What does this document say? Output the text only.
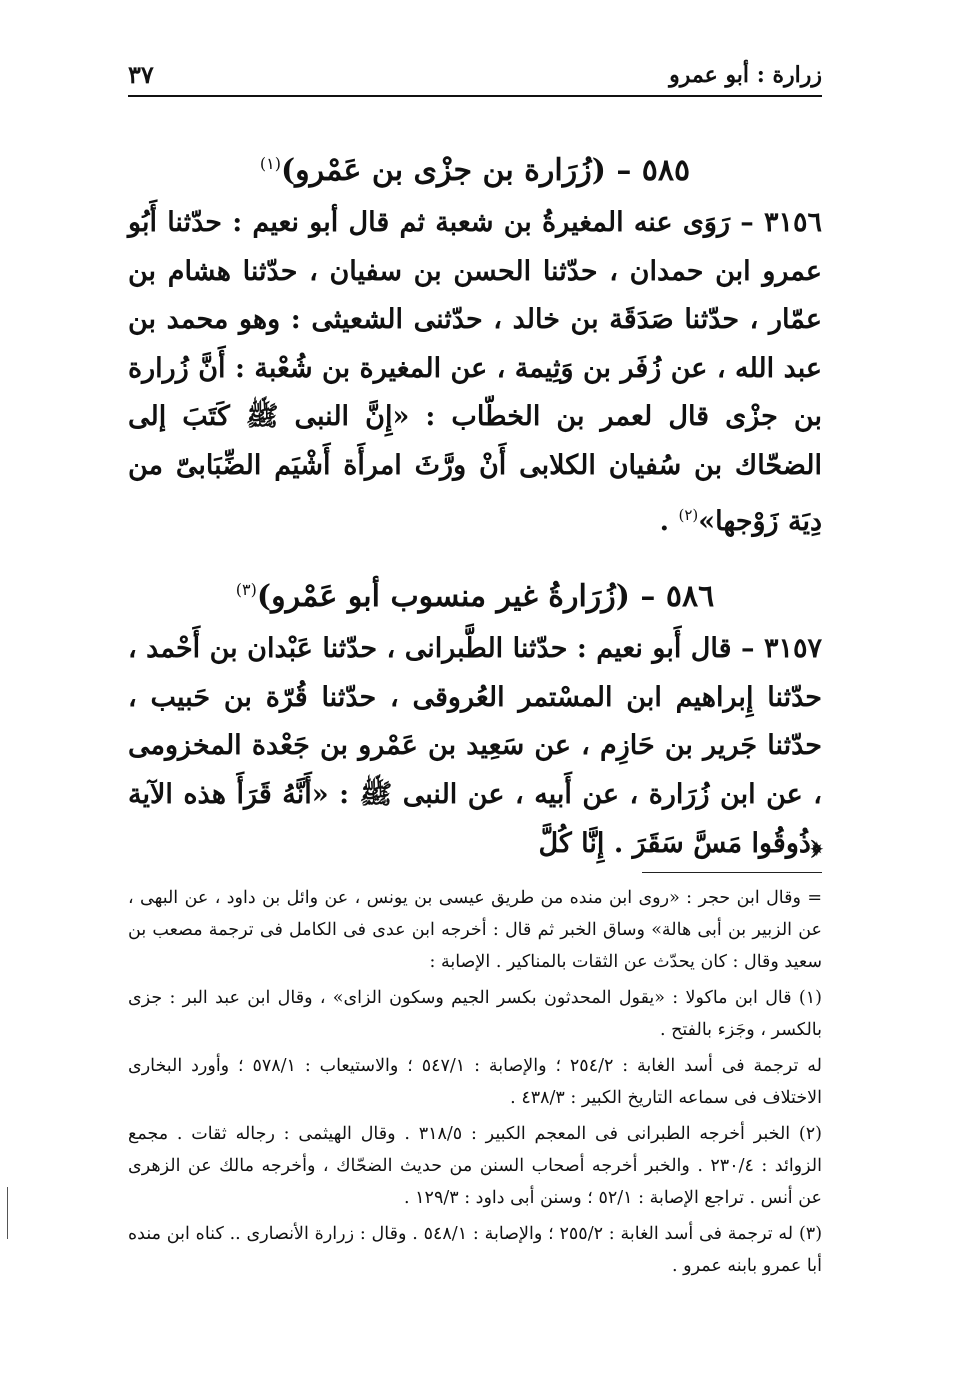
زرارة : أبو عمرو
٣٧
٥٨٥ – (زُرَارة بن جزْى بن عَمْرو)$^{(١)}$

٣١٥٦ – رَوَى عنه المغيرةُ بن شعبة ثم قال أبو نعيم : حدّثنا أَبُو عمرو ابن حمدان ، حدّثنا الحسن بن سفيان ، حدّثنا هشام بن عمّار ، حدّثنا صَدَقَة بن خالد ، حدّثنى الشعيثى : وهو محمد بن عبد الله ، عن زُفَر بن وَثِيمة ، عن المغيرة بن شُعْبة : أَنَّ زُرارة بن جزْى قال لعمر بن الخطّاب : «إِنَّ النبى ﷺ كَتَبَ إلى الضحّاك بن سُفيان الكلابى أَنْ ورَّثَ امرأَة أَشْيَم الضِّبَابىّ من دِيَة زَوْجها»$^{(٢)}$ .

٥٨٦ – (زُرَارةُ غير منسوب أبو عَمْرو)$^{(٣)}$

٣١٥٧ – قال أَبو نعيم : حدّثنا الطَّبرانى ، حدّثنا عَبْدان بن أَحْمد ، حدّثنا إِبراهيم ابن المسْتمر العُروقى ، حدّثنا قُرّة بن حَبيب ، حدّثنا جَرير بن حَازِم ، عن سَعِيد بن عَمْرو بن جَعْدة المخزومى ، عن ابن زُرَارة ، عن أَبيه ، عن النبى ﷺ : «أَنَّهُ قَرَأَ هذه الآية ﴿ذُوقُوا مَسَّ سَقَرَ . إِنَّا كُلَّ

= وقال ابن حجر : «روى ابن منده من طريق عيسى بن يونس ، عن وائل بن داود ، عن البهى ، عن الزبير بن أبى هالة» وساق الخبر ثم قال : أخرجه ابن عدى فى الكامل فى ترجمة مصعب بن سعيد وقال : كان يحدّث عن الثقات بالمناكير . الإصابة :

(١) قال ابن ماكولا : «يقول المحدثون بكسر الجيم وسكون الزاى» ، وقال ابن عبد البر : جزى بالكسر ، وجَزء بالفتح .

له ترجمة فى أسد الغابة : ٢٥٤/٢ ؛ والإصابة : ٥٤٧/١ ؛ والاستيعاب : ٥٧٨/١ ؛ وأورد البخارى الاختلاف فى سماعه التاريخ الكبير : ٤٣٨/٣ .

(٢) الخبر أخرجه الطبرانى فى المعجم الكبير : ٣١٨/٥ . وقال الهيثمى : رجاله ثقات . مجمع الزوائد : ٢٣٠/٤ . والخبر أخرجه أصحاب السنن من حديث الضحّاك ، وأخرجه مالك عن الزهرى عن أنس . تراجع الإصابة : ٥٢/١ ؛ وسنن أبى داود : ١٢٩/٣ .

(٣) له ترجمة فى أسد الغابة : ٢٥٥/٢ ؛ والإصابة : ٥٤٨/١ . وقال : زرارة الأنصارى .. كناه ابن منده أبا عمرو بابنه عمرو .
